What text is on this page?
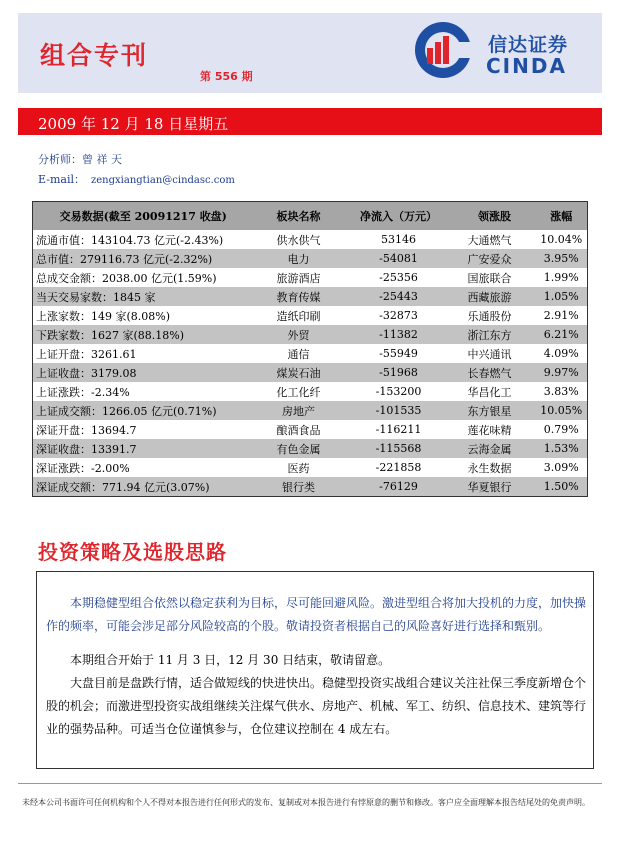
组合专刊
第 556 期
信达证券
CINDA
2009 年 12 月 18 日星期五
分析师：曾 祥 天
E-mail： zengxiangtian@cindasc.com
交易数据(截至 20091217 收盘)	板块名称	净流入（万元）	领涨股	涨幅
流通市值：143104.73 亿元(-2.43%)	供水供气	53146	大通燃气	10.04%
总市值：279116.73 亿元(-2.32%)	电力	-54081	广安爱众	3.95%
总成交金额：2038.00 亿元(1.59%)	旅游酒店	-25356	国旅联合	1.99%
当天交易家数：1845 家	教育传媒	-25443	西藏旅游	1.05%
上涨家数：149 家(8.08%)	造纸印刷	-32873	乐通股份	2.91%
下跌家数：1627 家(88.18%)	外贸	-11382	浙江东方	6.21%
上证开盘：3261.61	通信	-55949	中兴通讯	4.09%
上证收盘：3179.08	煤炭石油	-51968	长春燃气	9.97%
上证涨跌：-2.34%	化工化纤	-153200	华昌化工	3.83%
上证成交额：1266.05 亿元(0.71%)	房地产	-101535	东方银星	10.05%
深证开盘：13694.7	酿酒食品	-116211	莲花味精	0.79%
深证收盘：13391.7	有色金属	-115568	云海金属	1.53%
深证涨跌：-2.00%	医药	-221858	永生数据	3.09%
深证成交额：771.94 亿元(3.07%)	银行类	-76129	华夏银行	1.50%
投资策略及选股思路

本期稳健型组合依然以稳定获利为目标，尽可能回避风险。激进型组合将加大投机的力度，加快操作的频率，可能会涉足部分风险较高的个股。敬请投资者根据自己的风险喜好进行选择和甄别。

本期组合开始于 11 月 3 日，12 月 30 日结束，敬请留意。

大盘目前是盘跌行情，适合做短线的快进快出。稳健型投资实战组合建议关注社保三季度新增仓个股的机会；而激进型投资实战组继续关注煤气供水、房地产、机械、军工、纺织、信息技术、建筑等行业的强势品种。可适当仓位谨慎参与，仓位建议控制在 4 成左右。

未经本公司书面许可任何机构和个人不得对本报告进行任何形式的发布、复制或对本报告进行有悖原意的删节和修改。客户应全面理解本报告结尾处的免责声明。
